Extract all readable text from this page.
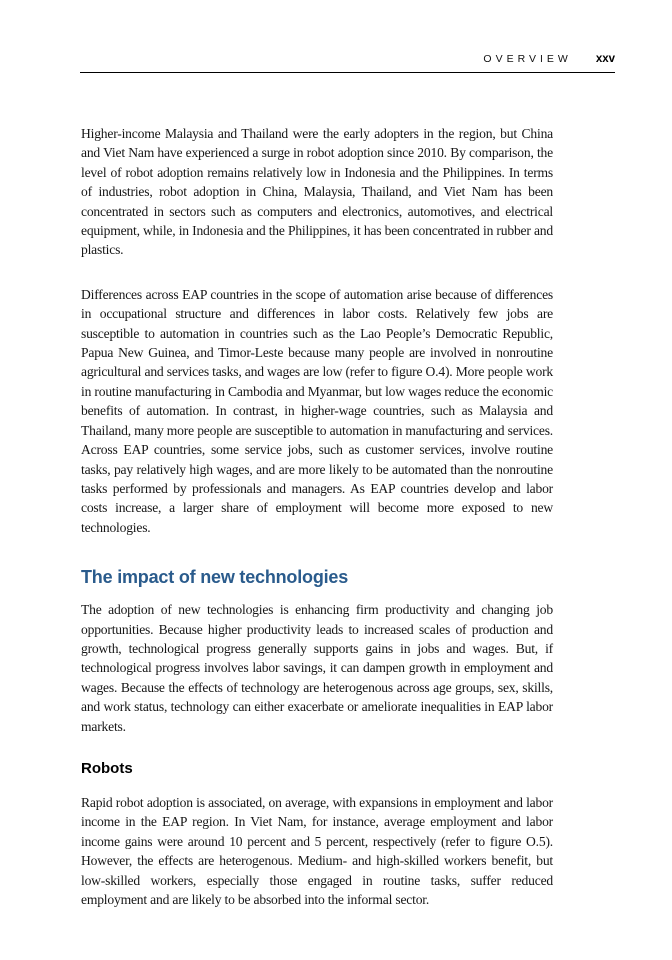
OVERVIEW xxv

Higher-income Malaysia and Thailand were the early adopters in the region, but China and Viet Nam have experienced a surge in robot adoption since 2010. By comparison, the level of robot adoption remains relatively low in Indonesia and the Philippines. In terms of industries, robot adoption in China, Malaysia, Thailand, and Viet Nam has been concentrated in sectors such as computers and electronics, automotives, and electrical equipment, while, in Indonesia and the Philippines, it has been concentrated in rubber and plastics.

Differences across EAP countries in the scope of automation arise because of differences in occupational structure and differences in labor costs. Relatively few jobs are susceptible to automation in countries such as the Lao People’s Democratic Republic, Papua New Guinea, and Timor-Leste because many people are involved in nonroutine agricultural and services tasks, and wages are low (refer to figure O.4). More people work in routine manufacturing in Cambodia and Myanmar, but low wages reduce the economic benefits of automation. In contrast, in higher-wage countries, such as Malaysia and Thailand, many more people are susceptible to automation in manufacturing and services. Across EAP countries, some service jobs, such as customer services, involve routine tasks, pay relatively high wages, and are more likely to be automated than the nonroutine tasks performed by professionals and managers. As EAP countries develop and labor costs increase, a larger share of employment will become more exposed to new technologies.

The impact of new technologies

The adoption of new technologies is enhancing firm productivity and changing job opportunities. Because higher productivity leads to increased scales of production and growth, technological progress generally supports gains in jobs and wages. But, if technological progress involves labor savings, it can dampen growth in employment and wages. Because the effects of technology are heterogenous across age groups, sex, skills, and work status, technology can either exacerbate or ameliorate inequalities in EAP labor markets.

Robots

Rapid robot adoption is associated, on average, with expansions in employment and labor income in the EAP region. In Viet Nam, for instance, average employment and labor income gains were around 10 percent and 5 percent, respectively (refer to figure O.5). However, the effects are heterogenous. Medium- and high-skilled workers benefit, but low-skilled workers, especially those engaged in routine tasks, suffer reduced employment and are likely to be absorbed into the informal sector.
